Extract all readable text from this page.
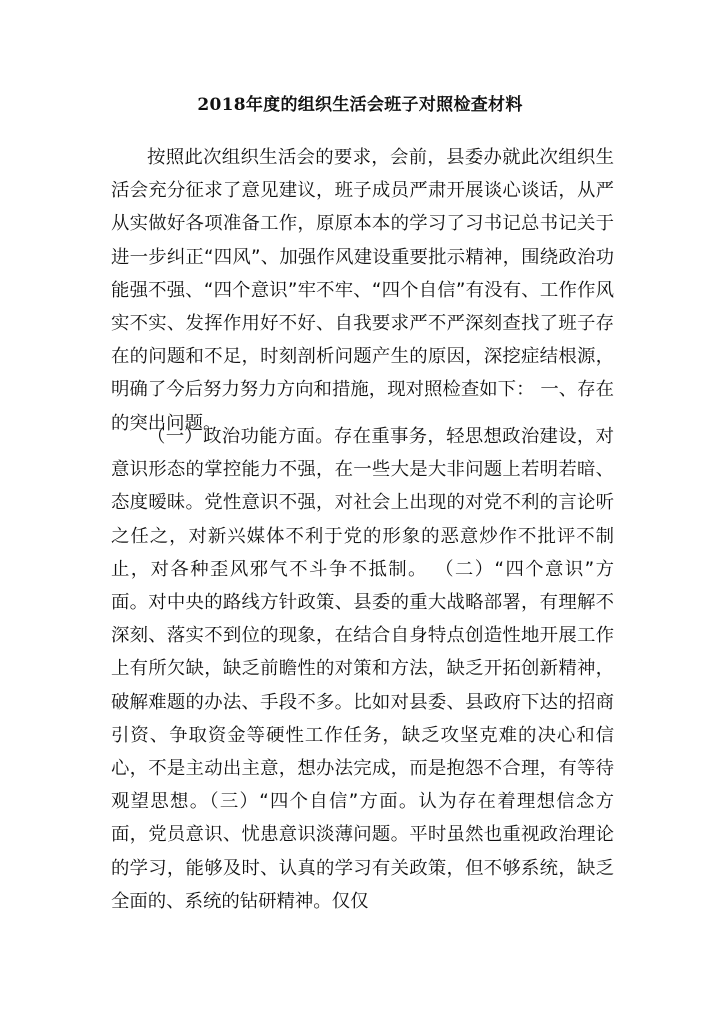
2018年度的组织生活会班子对照检查材料

按照此次组织生活会的要求，会前，县委办就此次组织生活会充分征求了意见建议，班子成员严肃开展谈心谈话，从严从实做好各项准备工作，原原本本的学习了习书记总书记关于进一步纠正“四风”、加强作风建设重要批示精神，围绕政治功能强不强、“四个意识”牢不牢、“四个自信”有没有、工作作风实不实、发挥作用好不好、自我要求严不严深刻查找了班子存在的问题和不足，时刻剖析问题产生的原因，深挖症结根源，明确了今后努力努力方向和措施，现对照检查如下： 一、存在的突出问题。

（一）政治功能方面。存在重事务，轻思想政治建设，对意识形态的掌控能力不强，在一些大是大非问题上若明若暗、态度暧昧。党性意识不强，对社会上出现的对党不利的言论听之任之，对新兴媒体不利于党的形象的恶意炒作不批评不制止，对各种歪风邪气不斗争不抵制。 （二）“四个意识”方面。对中央的路线方针政策、县委的重大战略部署，有理解不深刻、落实不到位的现象，在结合自身特点创造性地开展工作上有所欠缺，缺乏前瞻性的对策和方法，缺乏开拓创新精神，破解难题的办法、手段不多。比如对县委、县政府下达的招商引资、争取资金等硬性工作任务，缺乏攻坚克难的决心和信心，不是主动出主意，想办法完成，而是抱怨不合理，有等待观望思想。（三）“四个自信”方面。认为存在着理想信念方面，党员意识、忧患意识淡薄问题。平时虽然也重视政治理论的学习，能够及时、认真的学习有关政策，但不够系统，缺乏全面的、系统的钻研精神。仅仅
